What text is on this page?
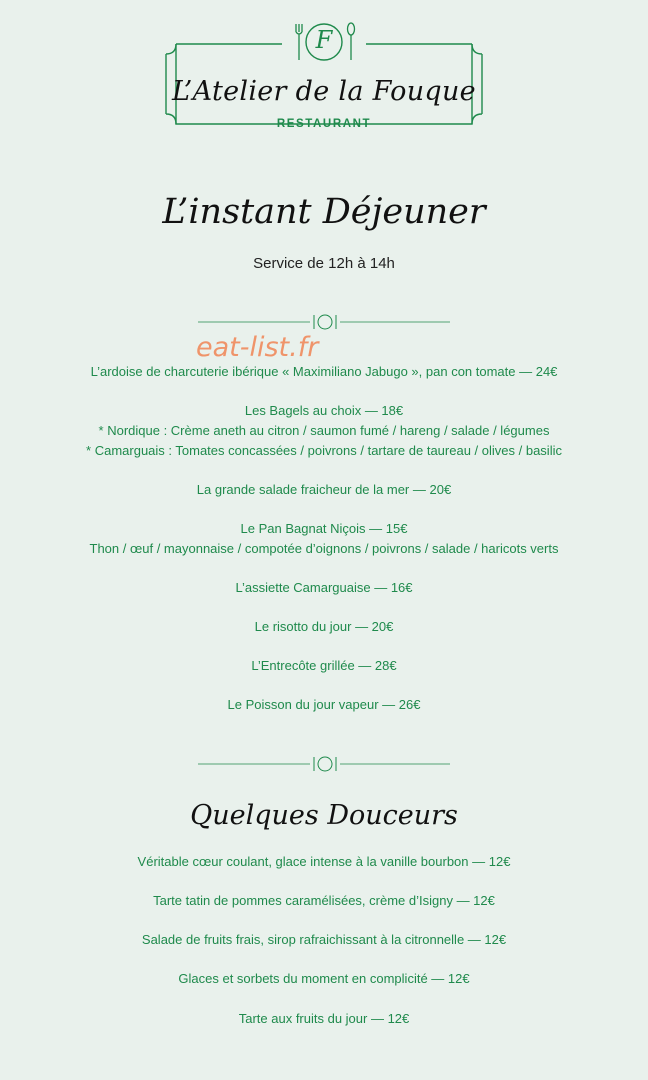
F
L’Atelier de la Fouque
RESTAURANT
L’instant Déjeuner
Service de 12h à 14h
eat-list.fr
L’ardoise de charcuterie ibérique « Maximiliano Jabugo », pan con tomate — 24€
Les Bagels au choix — 18€
* Nordique : Crème aneth au citron / saumon fumé / hareng / salade / légumes
* Camarguais : Tomates concassées / poivrons / tartare de taureau / olives / basilic
La grande salade fraicheur de la mer — 20€
Le Pan Bagnat Niçois — 15€
Thon / œuf / mayonnaise / compotée d’oignons / poivrons / salade / haricots verts
L’assiette Camarguaise — 16€
Le risotto du jour — 20€
L’Entrecôte grillée — 28€
Le Poisson du jour vapeur — 26€
Quelques Douceurs
Véritable cœur coulant, glace intense à la vanille bourbon — 12€
Tarte tatin de pommes caramélisées, crème d’Isigny — 12€
Salade de fruits frais, sirop rafraichissant à la citronnelle — 12€
Glaces et sorbets du moment en complicité — 12€
Tarte aux fruits du jour — 12€
